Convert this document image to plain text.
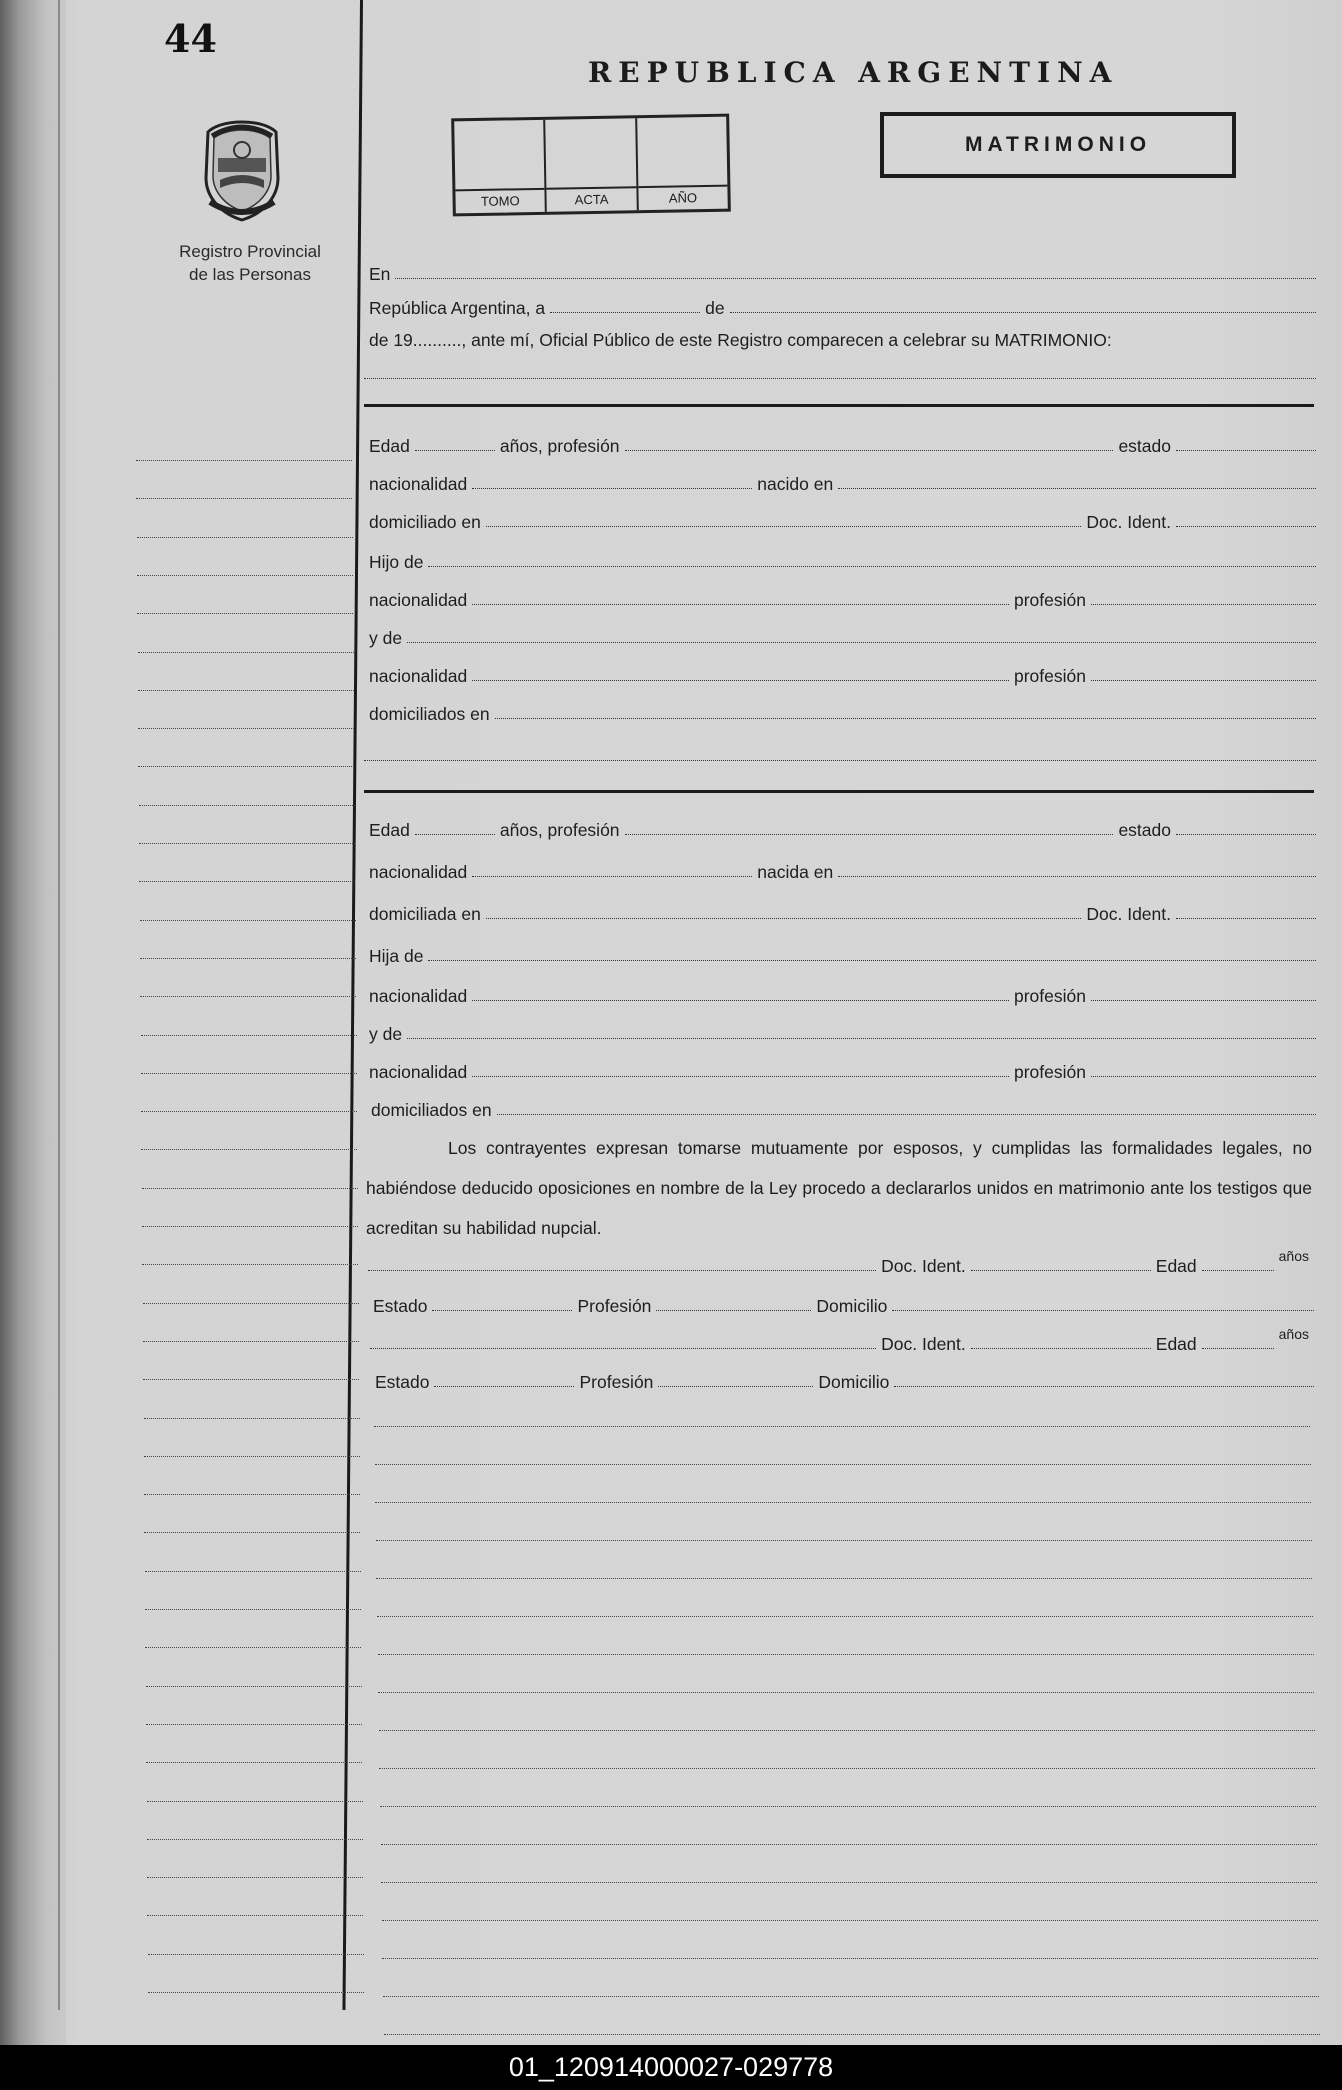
44
Registro Provincial
de las Personas
REPUBLICA ARGENTINA
TOMO	ACTA	AÑO
MATRIMONIO
En
República Argentina, a	de
de 19.........., ante mí, Oficial Público de este Registro comparecen a celebrar su MATRIMONIO:
Edad	años, profesión	estado
nacionalidad	nacido en
domiciliado en	Doc. Ident.
Hijo de
nacionalidad	profesión
y de
nacionalidad	profesión
domiciliados en
Edad	años, profesión	estado
nacionalidad	nacida en
domiciliada en	Doc. Ident.
Hija de
nacionalidad	profesión
y de
nacionalidad	profesión
domiciliados en
Los contrayentes expresan tomarse mutuamente por esposos, y cumplidas las formalidades legales, no habiéndose deducido oposiciones en nombre de la Ley procedo a declararlos unidos en matrimonio ante los testigos que acreditan su habilidad nupcial.
Doc. Ident.	Edad	años
Estado	Profesión	Domicilio
Doc. Ident.	Edad	años
Estado	Profesión	Domicilio
01_120914000027-029778
